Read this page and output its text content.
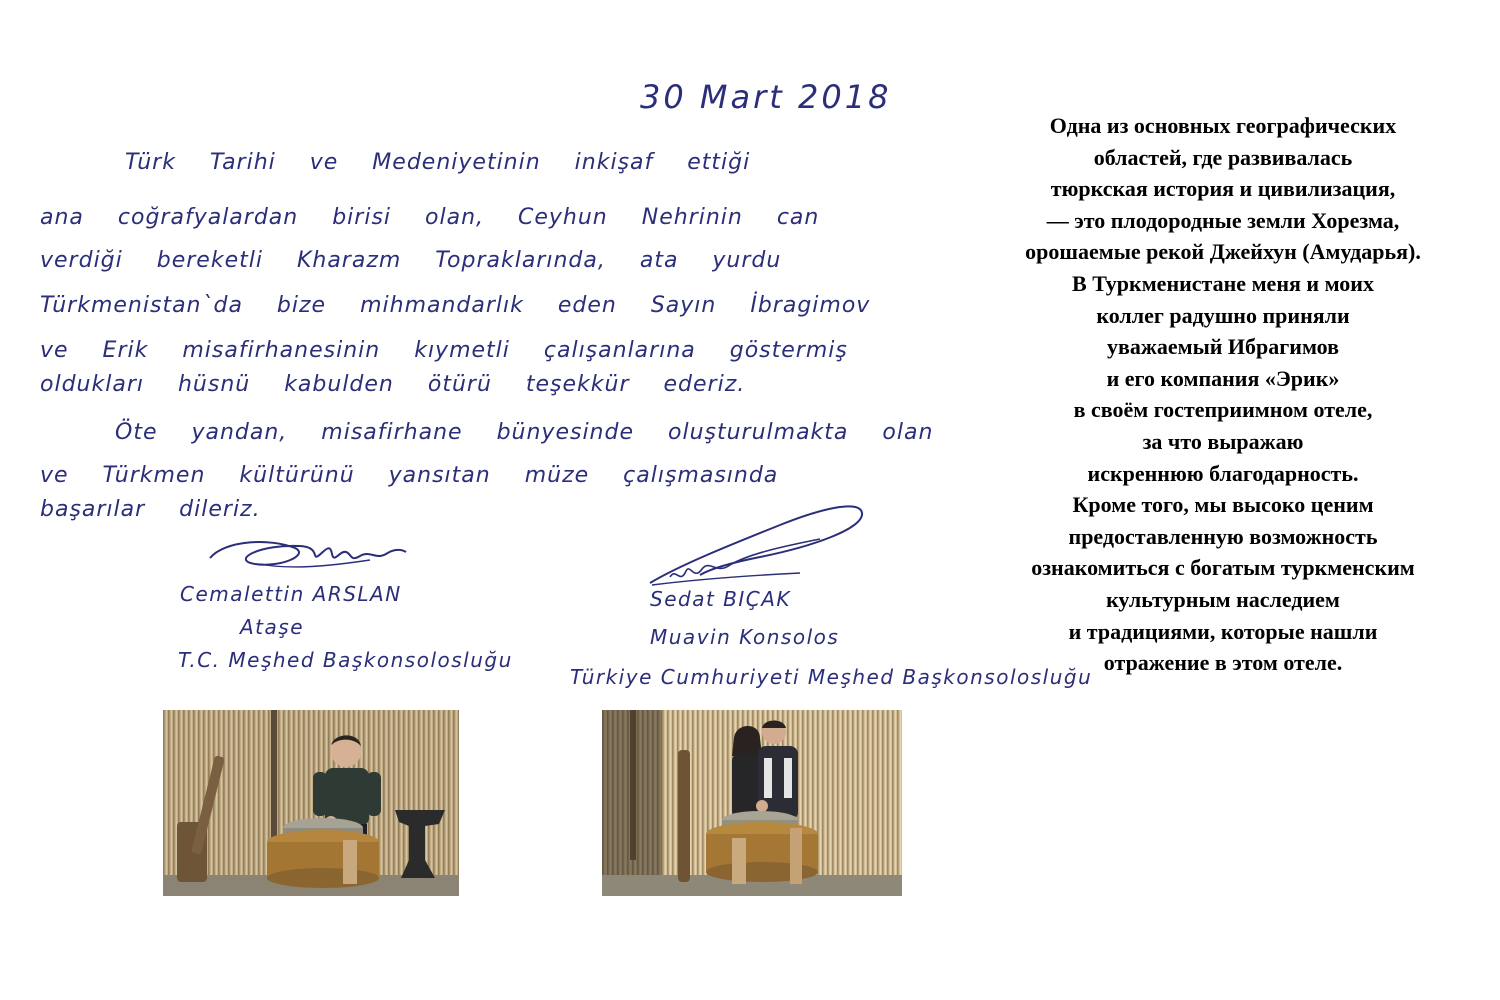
30 Mart 2018
Türk Tarihi ve Medeniyetinin inkişaf ettiği
ana coğrafyalardan birisi olan, Ceyhun Nehrinin can
verdiği bereketli Kharazm Topraklarında, ata yurdu
Türkmenistan`da bize mihmandarlık eden Sayın İbragimov
ve Erik misafirhanesinin kıymetli çalışanlarına göstermiş
oldukları hüsnü kabulden ötürü teşekkür ederiz.
Öte yandan, misafirhane bünyesinde oluşturulmakta olan
ve Türkmen kültürünü yansıtan müze çalışmasında
başarılar dileriz.
Cemalettin ARSLAN
Ataşe
T.C. Meşhed Başkonsolosluğu
Sedat BIÇAK
Muavin Konsolos
Türkiye Cumhuriyeti Meşhed Başkonsolosluğu
Одна из основных географических
областей, где развивалась
тюркская история и цивилизация,
— это плодородные земли Хорезма,
орошаемые рекой Джейхун (Амударья).
В Туркменистане меня и моих
коллег радушно приняли
уважаемый Ибрагимов
и его компания «Эрик»
в своём гостеприимном отеле,
за что выражаю
искреннюю благодарность.
Кроме того, мы высоко ценим
предоставленную возможность
ознакомиться с богатым туркменским
культурным наследием
и традициями, которые нашли
отражение в этом отеле.
